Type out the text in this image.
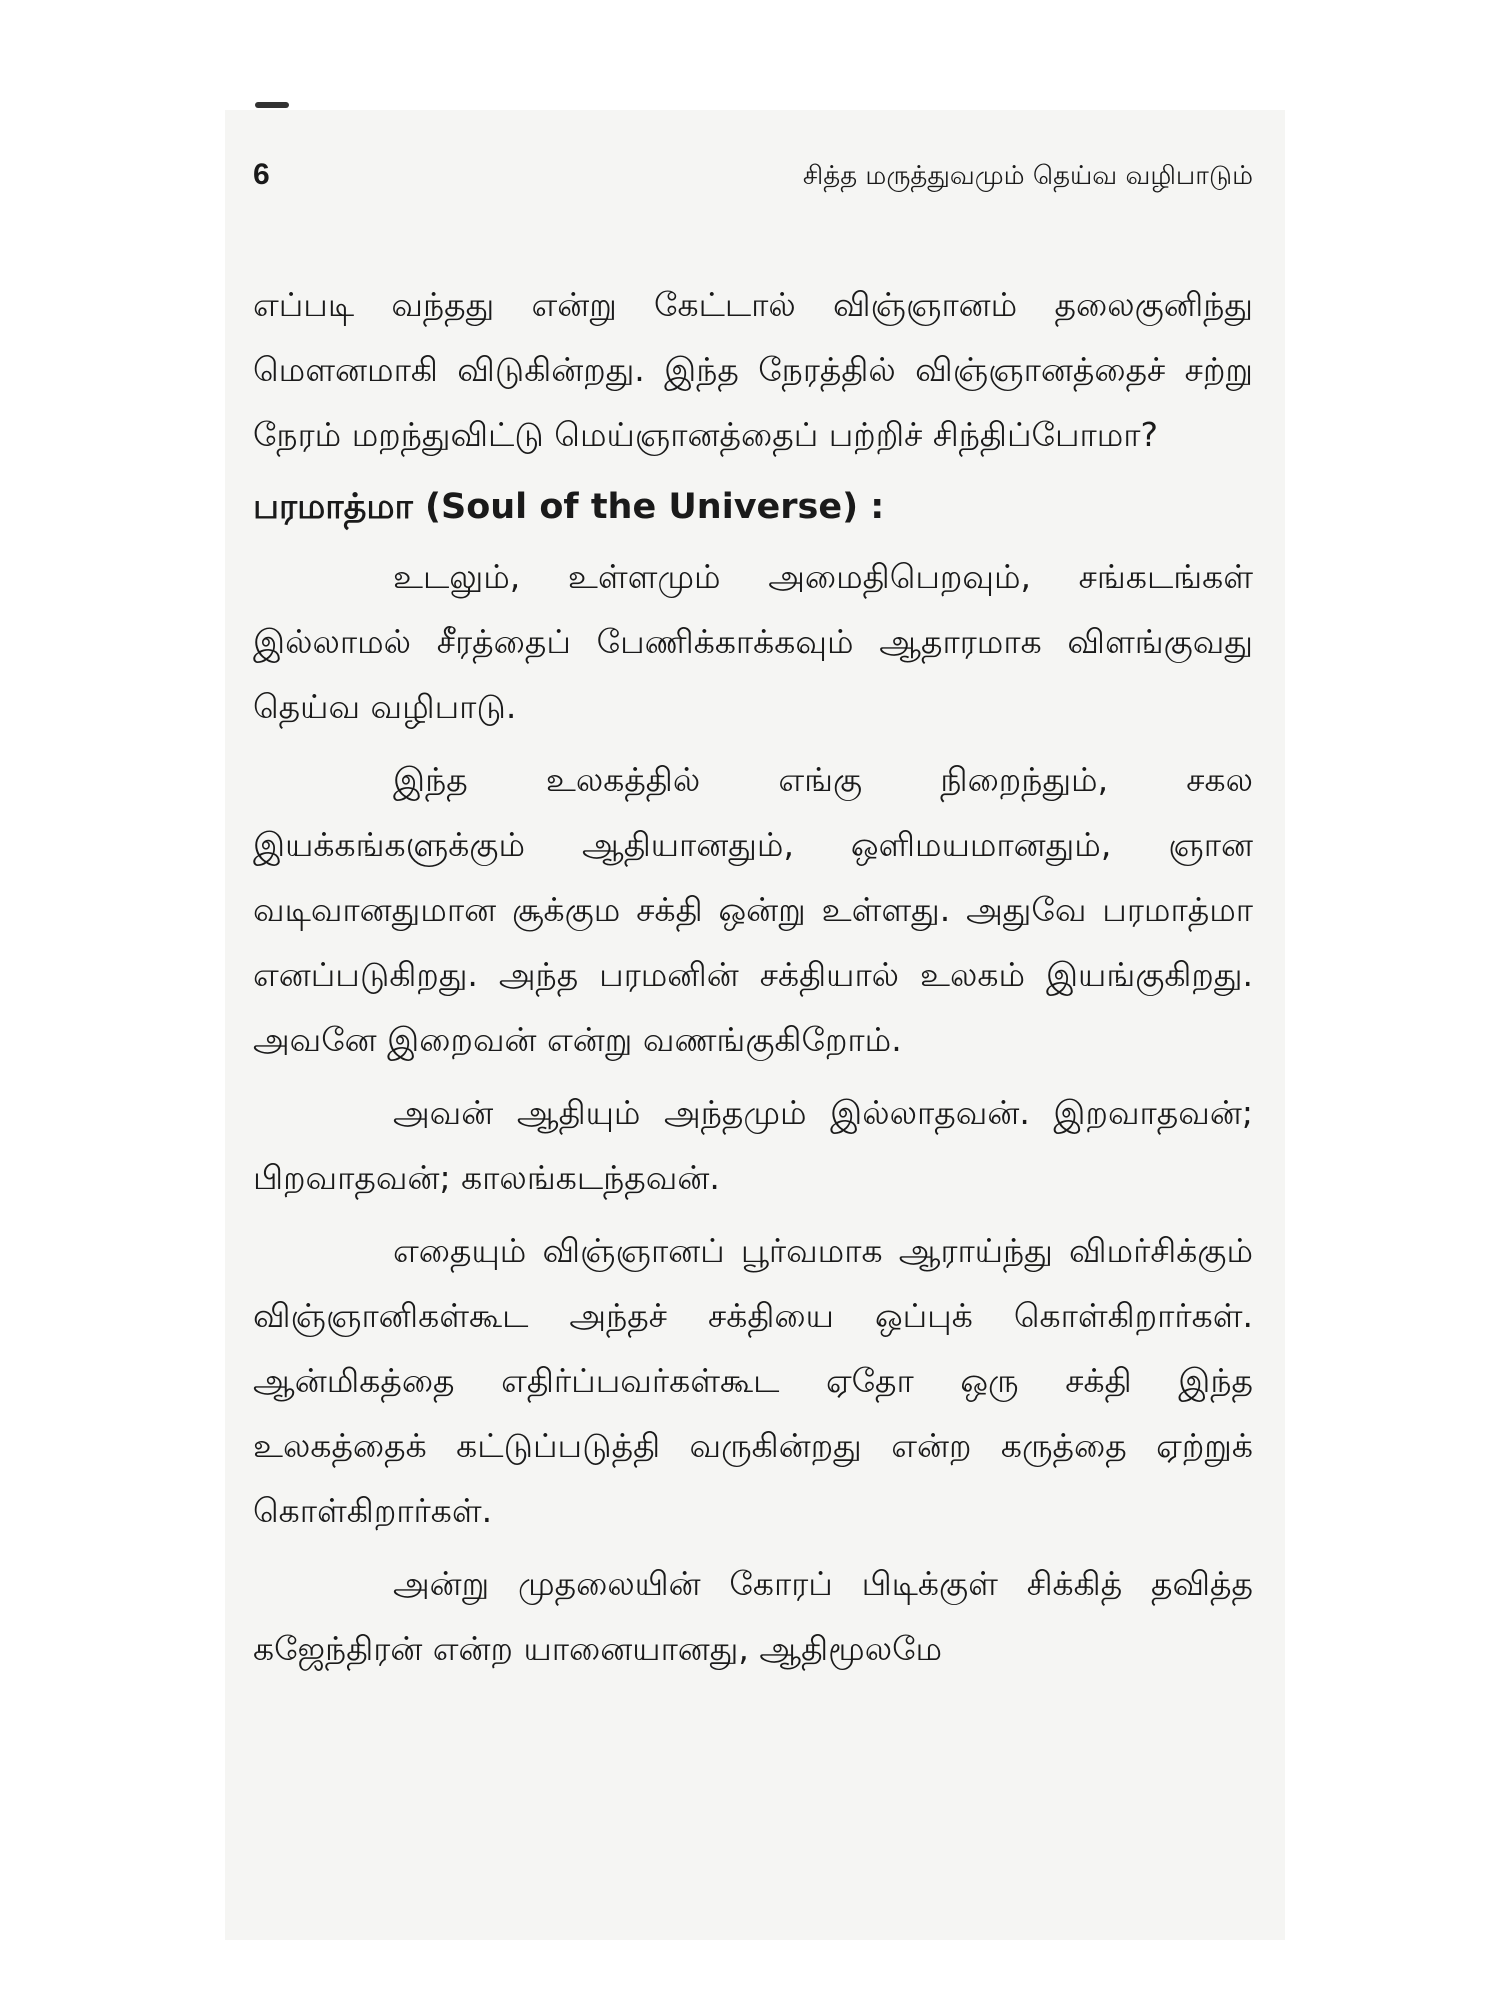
6	சித்த மருத்துவமும் தெய்வ வழிபாடும்

எப்படி வந்தது என்று கேட்டால் விஞ்ஞானம் தலைகுனிந்து மௌனமாகி விடுகின்றது. இந்த நேரத்தில் விஞ்ஞானத்தைச் சற்று நேரம் மறந்துவிட்டு மெய்ஞானத்தைப் பற்றிச் சிந்திப்போமா?

பரமாத்மா (Soul of the Universe) :

உடலும், உள்ளமும் அமைதிபெறவும், சங்கடங்கள் இல்லாமல் சீரத்தைப் பேணிக்காக்கவும் ஆதாரமாக விளங்குவது தெய்வ வழிபாடு.

இந்த உலகத்தில் எங்கு நிறைந்தும், சகல இயக்கங்களுக்கும் ஆதியானதும், ஒளிமயமானதும், ஞான வடிவானதுமான சூக்கும சக்தி ஒன்று உள்ளது. அதுவே பரமாத்மா எனப்படுகிறது. அந்த பரமனின் சக்தியால் உலகம் இயங்குகிறது. அவனே இறைவன் என்று வணங்குகிறோம்.

அவன் ஆதியும் அந்தமும் இல்லாதவன். இறவாதவன்; பிறவாதவன்; காலங்கடந்தவன்.

எதையும் விஞ்ஞானப் பூர்வமாக ஆராய்ந்து விமர்சிக்கும் விஞ்ஞானிகள்கூட அந்தச் சக்தியை ஒப்புக் கொள்கிறார்கள். ஆன்மிகத்தை எதிர்ப்பவர்கள்கூட ஏதோ ஒரு சக்தி இந்த உலகத்தைக் கட்டுப்படுத்தி வருகின்றது என்ற கருத்தை ஏற்றுக் கொள்கிறார்கள்.

அன்று முதலையின் கோரப் பிடிக்குள் சிக்கித் தவித்த கஜேந்திரன் என்ற யானையானது, ஆதிமூலமே
